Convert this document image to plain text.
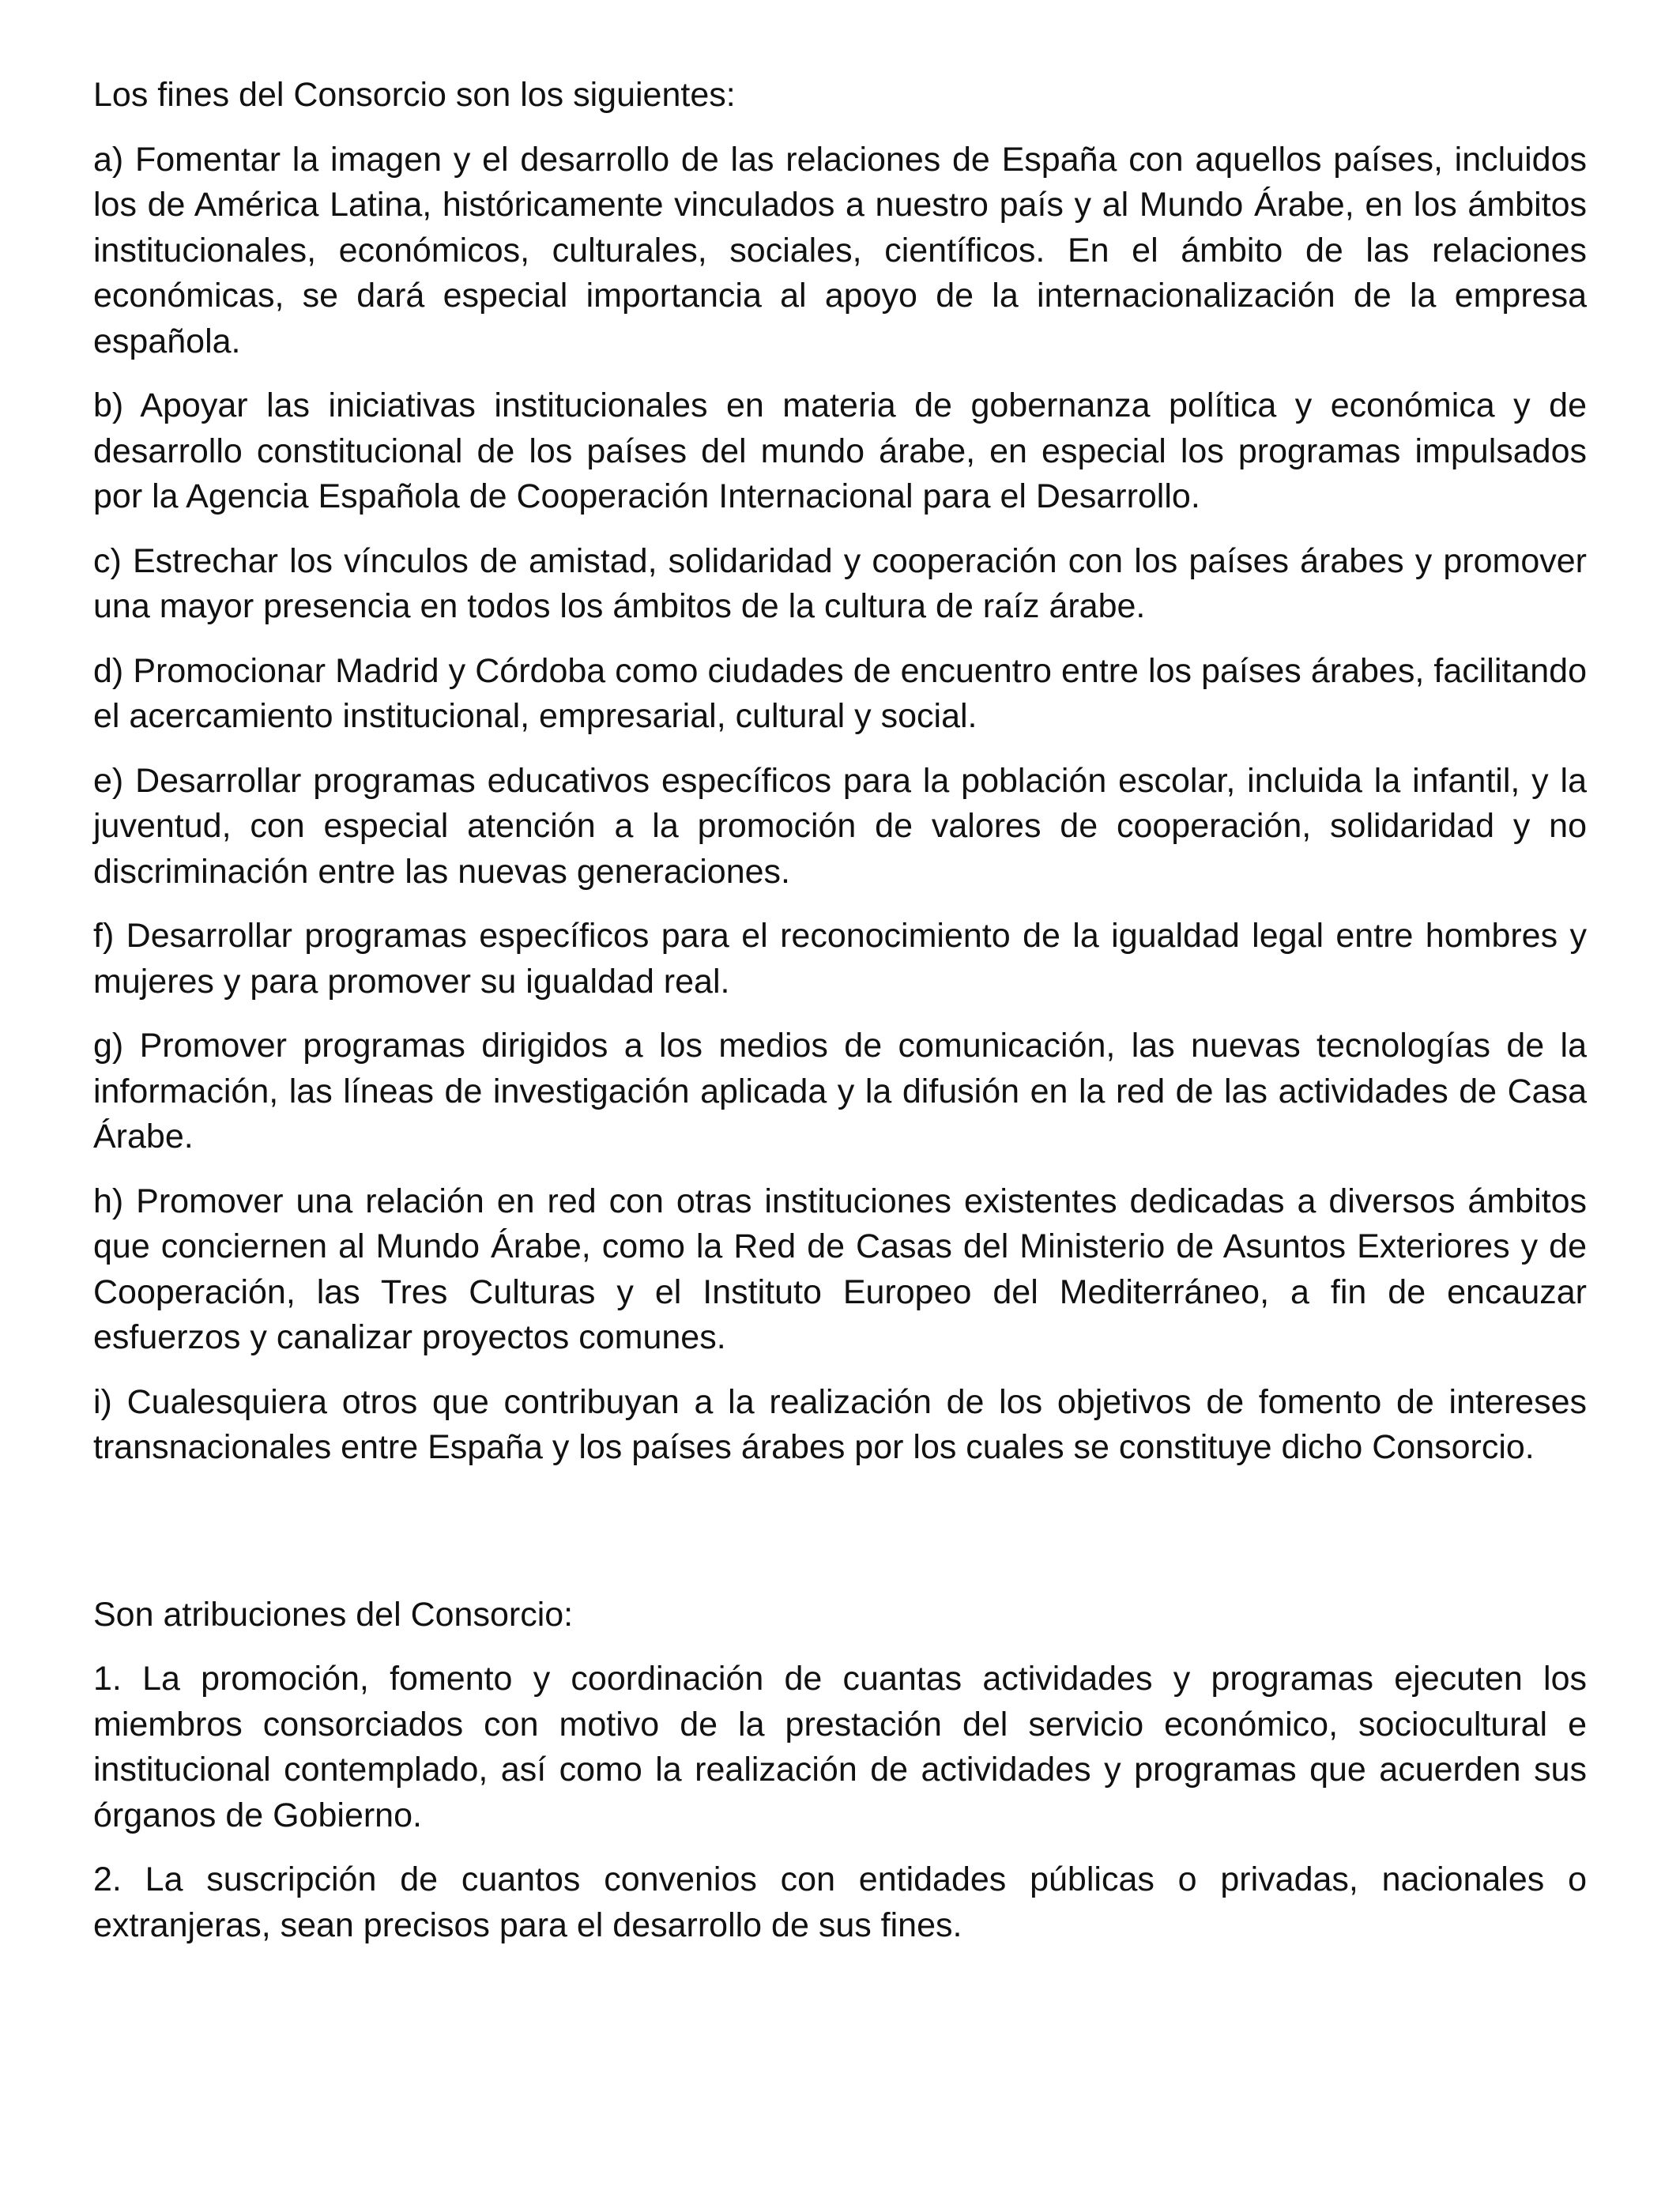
Los fines del Consorcio son los siguientes:

a) Fomentar la imagen y el desarrollo de las relaciones de España con aquellos países, incluidos los de América Latina, históricamente vinculados a nuestro país y al Mundo Árabe, en los ámbitos institucionales, económicos, culturales, sociales, científicos. En el ámbito de las relaciones económicas, se dará especial importancia al apoyo de la internacionalización de la empresa española.

b) Apoyar las iniciativas institucionales en materia de gobernanza política y económica y de desarrollo constitucional de los países del mundo árabe, en especial los programas impulsados por la Agencia Española de Cooperación Internacional para el Desarrollo.

c) Estrechar los vínculos de amistad, solidaridad y cooperación con los países árabes y promover una mayor presencia en todos los ámbitos de la cultura de raíz árabe.

d) Promocionar Madrid y Córdoba como ciudades de encuentro entre los países árabes, facilitando el acercamiento institucional, empresarial, cultural y social.

e) Desarrollar programas educativos específicos para la población escolar, incluida la infantil, y la juventud, con especial atención a la promoción de valores de cooperación, solidaridad y no discriminación entre las nuevas generaciones.

f) Desarrollar programas específicos para el reconocimiento de la igualdad legal entre hombres y mujeres y para promover su igualdad real.

g) Promover programas dirigidos a los medios de comunicación, las nuevas tecnologías de la información, las líneas de investigación aplicada y la difusión en la red de las actividades de Casa Árabe.

h) Promover una relación en red con otras instituciones existentes dedicadas a diversos ámbitos que conciernen al Mundo Árabe, como la Red de Casas del Ministerio de Asuntos Exteriores y de Cooperación, las Tres Culturas y el Instituto Europeo del Mediterráneo, a fin de encauzar esfuerzos y canalizar proyectos comunes.

i) Cualesquiera otros que contribuyan a la realización de los objetivos de fomento de intereses transnacionales entre España y los países árabes por los cuales se constituye dicho Consorcio.

Son atribuciones del Consorcio:

1. La promoción, fomento y coordinación de cuantas actividades y programas ejecuten los miembros consorciados con motivo de la prestación del servicio económico, sociocultural e institucional contemplado, así como la realización de actividades y programas que acuerden sus órganos de Gobierno.

2. La suscripción de cuantos convenios con entidades públicas o privadas, nacionales o extranjeras, sean precisos para el desarrollo de sus fines.
